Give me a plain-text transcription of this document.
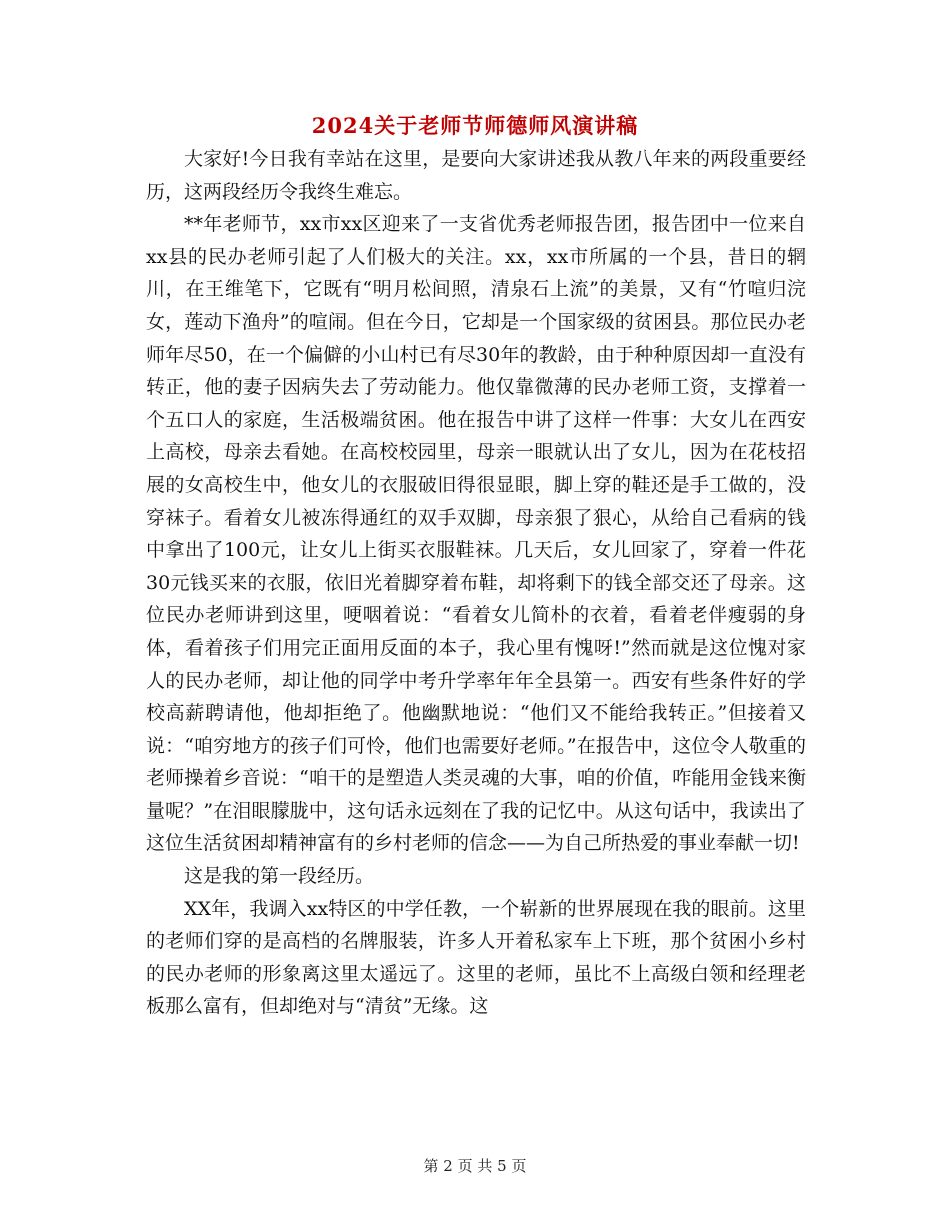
2024关于老师节师德师风演讲稿

大家好!今日我有幸站在这里，是要向大家讲述我从教八年来的两段重要经历，这两段经历令我终生难忘。

**年老师节，xx市xx区迎来了一支省优秀老师报告团，报告团中一位来自xx县的民办老师引起了人们极大的关注。xx，xx市所属的一个县，昔日的辋川，在王维笔下，它既有“明月松间照，清泉石上流”的美景，又有“竹喧归浣女，莲动下渔舟”的喧闹。但在今日，它却是一个国家级的贫困县。那位民办老师年尽50，在一个偏僻的小山村已有尽30年的教龄，由于种种原因却一直没有转正，他的妻子因病失去了劳动能力。他仅靠微薄的民办老师工资，支撑着一个五口人的家庭，生活极端贫困。他在报告中讲了这样一件事：大女儿在西安上高校，母亲去看她。在高校校园里，母亲一眼就认出了女儿，因为在花枝招展的女高校生中，他女儿的衣服破旧得很显眼，脚上穿的鞋还是手工做的，没穿袜子。看着女儿被冻得通红的双手双脚，母亲狠了狠心，从给自己看病的钱中拿出了100元，让女儿上街买衣服鞋袜。几天后，女儿回家了，穿着一件花30元钱买来的衣服，依旧光着脚穿着布鞋，却将剩下的钱全部交还了母亲。这位民办老师讲到这里，哽咽着说：“看着女儿简朴的衣着，看着老伴瘦弱的身体，看着孩子们用完正面用反面的本子，我心里有愧呀!”然而就是这位愧对家人的民办老师，却让他的同学中考升学率年年全县第一。西安有些条件好的学校高薪聘请他，他却拒绝了。他幽默地说：“他们又不能给我转正。”但接着又说：“咱穷地方的孩子们可怜，他们也需要好老师。”在报告中，这位令人敬重的老师操着乡音说：“咱干的是塑造人类灵魂的大事，咱的价值，咋能用金钱来衡量呢？”在泪眼朦胧中，这句话永远刻在了我的记忆中。从这句话中，我读出了这位生活贫困却精神富有的乡村老师的信念——为自己所热爱的事业奉献一切!

这是我的第一段经历。

XX年，我调入xx特区的中学任教，一个崭新的世界展现在我的眼前。这里的老师们穿的是高档的名牌服装，许多人开着私家车上下班，那个贫困小乡村的民办老师的形象离这里太遥远了。这里的老师，虽比不上高级白领和经理老板那么富有，但却绝对与“清贫”无缘。这

第 2 页 共 5 页
